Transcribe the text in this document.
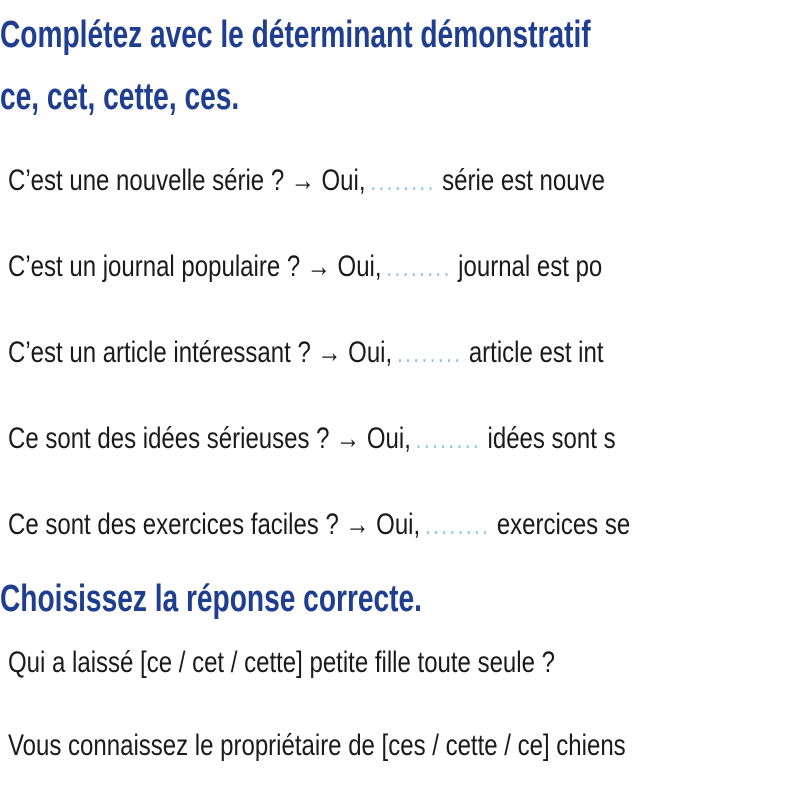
Complétez avec le déterminant démonstratif
ce, cet, cette, ces.
C’est une nouvelle série ? → Oui, ........ série est nouve
C’est un journal populaire ? → Oui, ........ journal est po
C’est un article intéressant ? → Oui, ........ article est int
Ce sont des idées sérieuses ? → Oui, ........ idées sont s
Ce sont des exercices faciles ? → Oui, ........ exercices se
Choisissez la réponse correcte.
Qui a laissé [ce / cet / cette] petite fille toute seule ?
Vous connaissez le propriétaire de [ces / cette / ce] chiens
